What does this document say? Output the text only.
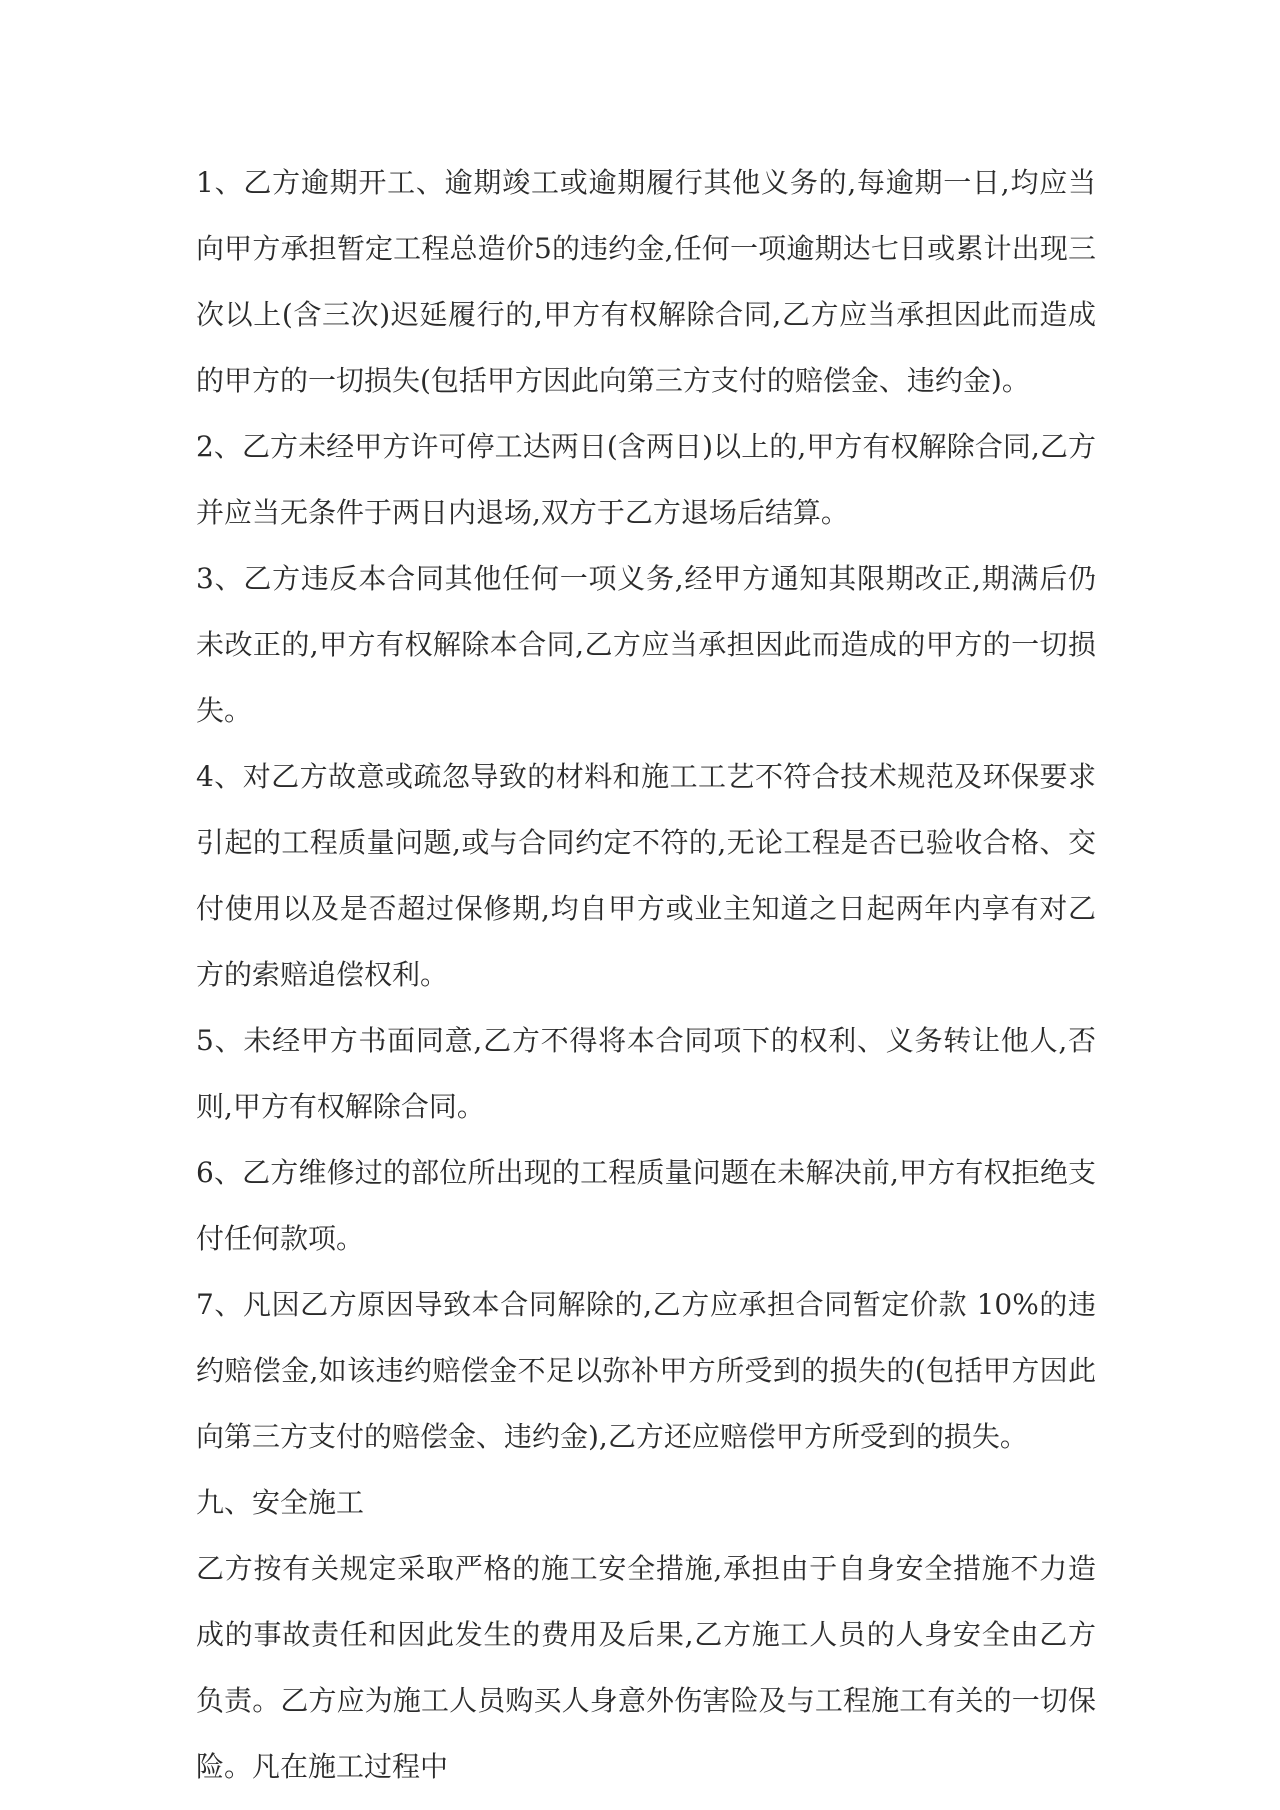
1、乙方逾期开工、逾期竣工或逾期履行其他义务的,每逾期一日,均应当向甲方承担暂定工程总造价5的违约金,任何一项逾期达七日或累计出现三次以上(含三次)迟延履行的,甲方有权解除合同,乙方应当承担因此而造成的甲方的一切损失(包括甲方因此向第三方支付的赔偿金、违约金)。

2、乙方未经甲方许可停工达两日(含两日)以上的,甲方有权解除合同,乙方并应当无条件于两日内退场,双方于乙方退场后结算。

3、乙方违反本合同其他任何一项义务,经甲方通知其限期改正,期满后仍未改正的,甲方有权解除本合同,乙方应当承担因此而造成的甲方的一切损失。

4、对乙方故意或疏忽导致的材料和施工工艺不符合技术规范及环保要求引起的工程质量问题,或与合同约定不符的,无论工程是否已验收合格、交付使用以及是否超过保修期,均自甲方或业主知道之日起两年内享有对乙方的索赔追偿权利。

5、未经甲方书面同意,乙方不得将本合同项下的权利、义务转让他人,否则,甲方有权解除合同。

6、乙方维修过的部位所出现的工程质量问题在未解决前,甲方有权拒绝支付任何款项。

7、凡因乙方原因导致本合同解除的,乙方应承担合同暂定价款 10%的违约赔偿金,如该违约赔偿金不足以弥补甲方所受到的损失的(包括甲方因此向第三方支付的赔偿金、违约金),乙方还应赔偿甲方所受到的损失。

九、安全施工

乙方按有关规定采取严格的施工安全措施,承担由于自身安全措施不力造成的事故责任和因此发生的费用及后果,乙方施工人员的人身安全由乙方负责。乙方应为施工人员购买人身意外伤害险及与工程施工有关的一切保险。凡在施工过程中
